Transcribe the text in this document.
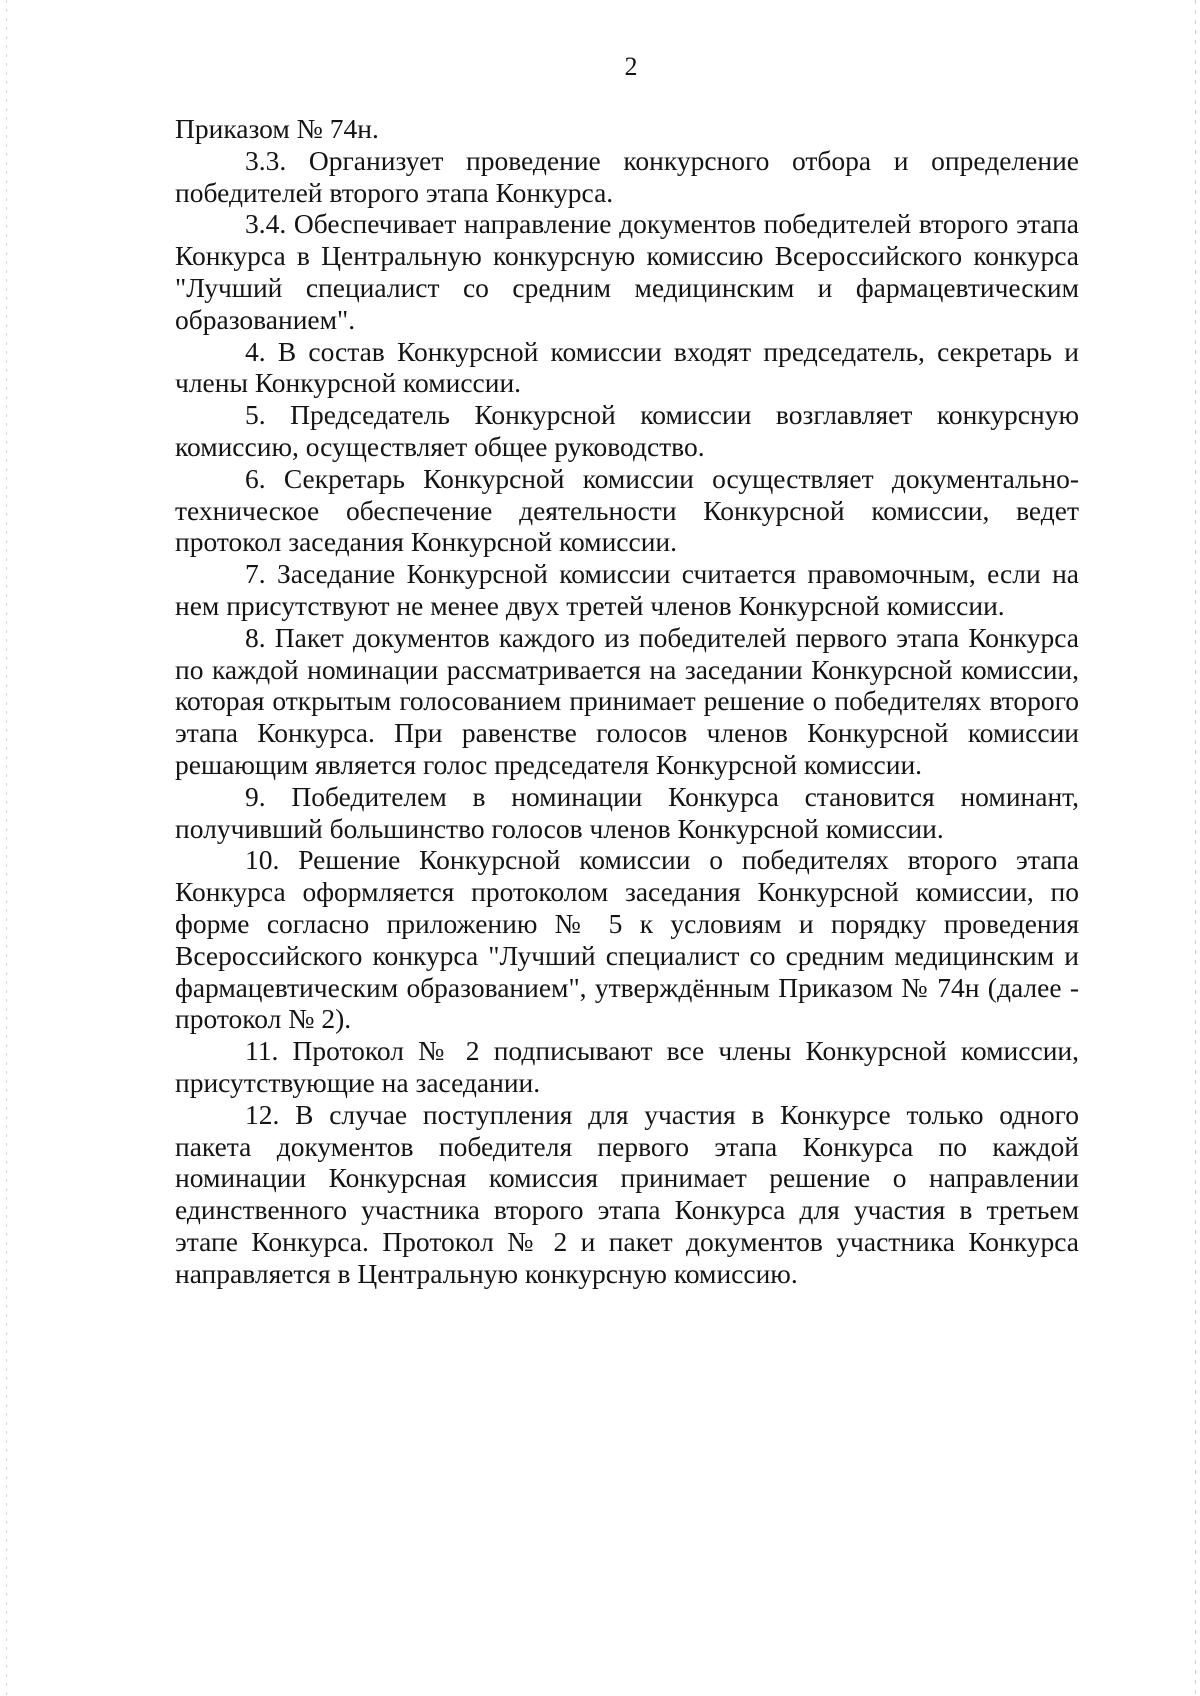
2

Приказом № 74н.

3.3. Организует проведение конкурсного отбора и определение победителей второго этапа Конкурса.

3.4. Обеспечивает направление документов победителей второго этапа Конкурса в Центральную конкурсную комиссию Всероссийского конкурса "Лучший специалист со средним медицинским и фармацевтическим образованием".

4. В состав Конкурсной комиссии входят председатель, секретарь и члены Конкурсной комиссии.

5. Председатель Конкурсной комиссии возглавляет конкурсную комиссию, осуществляет общее руководство.

6. Секретарь Конкурсной комиссии осуществляет документально-техническое обеспечение деятельности Конкурсной комиссии, ведет протокол заседания Конкурсной комиссии.

7. Заседание Конкурсной комиссии считается правомочным, если на нем присутствуют не менее двух третей членов Конкурсной комиссии.

8. Пакет документов каждого из победителей первого этапа Конкурса по каждой номинации рассматривается на заседании Конкурсной комиссии, которая открытым голосованием принимает решение о победителях второго этапа Конкурса. При равенстве голосов членов Конкурсной комиссии решающим является голос председателя Конкурсной комиссии.

9. Победителем в номинации Конкурса становится номинант, получивший большинство голосов членов Конкурсной комиссии.

10. Решение Конкурсной комиссии о победителях второго этапа Конкурса оформляется протоколом заседания Конкурсной комиссии, по форме согласно приложению № 5 к условиям и порядку проведения Всероссийского конкурса "Лучший специалист со средним медицинским и фармацевтическим образованием", утверждённым Приказом № 74н (далее - протокол № 2).

11. Протокол № 2 подписывают все члены Конкурсной комиссии, присутствующие на заседании.

12. В случае поступления для участия в Конкурсе только одного пакета документов победителя первого этапа Конкурса по каждой номинации Конкурсная комиссия принимает решение о направлении единственного участника второго этапа Конкурса для участия в третьем этапе Конкурса. Протокол № 2 и пакет документов участника Конкурса направляется в Центральную конкурсную комиссию.
